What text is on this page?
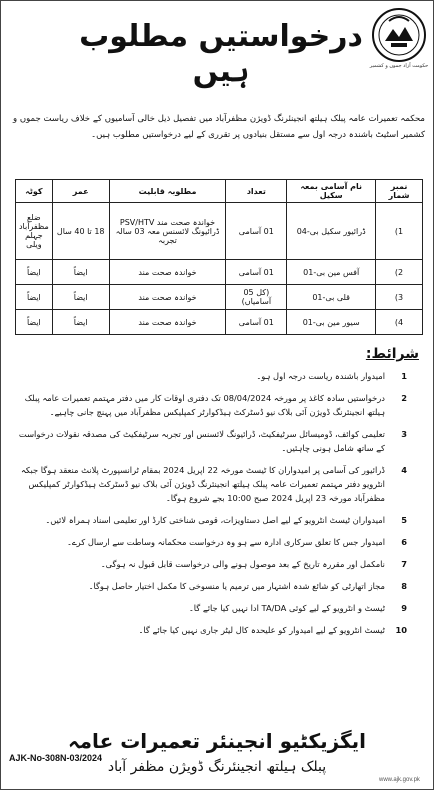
درخواستیں مطلوب ہیں	حکومت آزاد جموں و کشمیر
محکمہ تعمیرات عامہ پبلک ہیلتھ انجینئرنگ ڈویژن مظفرآباد میں تفصیل ذیل خالی آسامیوں کے خلاف ریاست جموں و کشمیر اسٹیٹ باشندہ درجہ اول سے مستقل بنیادوں پر تقرری کے لیے درخواستیں مطلوب ہیں۔
نمبر شمار	نام آسامی بمعہ سکیل	تعداد	مطلوبہ قابلیت	عمر	کوٹہ
1)	ڈرائیور سکیل بی-04	01 آسامی	خواندہ صحت مند PSV/HTV ڈرائیونگ لائسنس معہ 03 سالہ تجربہ	18 تا 40 سال	ضلع مظفرآباد جہلم ویلی
2)	آفس مین بی-01	01 آسامی	خواندہ صحت مند	ایضاً	ایضاً
3)	قلی بی-01	(کل 05 آسامیاں)	خواندہ صحت مند	ایضاً	ایضاً
4)	سیور مین بی-01	01 آسامی	خواندہ صحت مند	ایضاً	ایضاً
شرائط:
1
امیدوار باشندہ ریاست درجہ اول ہو۔
2
درخواستیں سادہ کاغذ پر مورخہ 08/04/2024 تک دفتری اوقات کار میں دفتر مہتمم تعمیرات عامہ پبلک ہیلتھ انجینئرنگ ڈویژن آئی بلاک نیو ڈسٹرکٹ ہیڈکوارٹر کمپلیکس مظفرآباد میں پہنچ جانی چاہیے۔
3
تعلیمی کوائف، ڈومیسائل سرٹیفکیٹ، ڈرائیونگ لائسنس اور تجربہ سرٹیفکیٹ کی مصدقہ نقولات درخواست کے ساتھ شامل ہونی چاہئیں۔
4
ڈرائیور کی آسامی پر امیدواران کا ٹیسٹ مورخہ 22 اپریل 2024 بمقام ٹرانسپورٹ پلانٹ منعقد ہوگا جبکہ انٹرویو دفتر مہتمم تعمیرات عامہ پبلک ہیلتھ انجینئرنگ ڈویژن آئی بلاک نیو ڈسٹرکٹ ہیڈکوارٹر کمپلیکس مظفرآباد مورخہ 23 اپریل 2024 صبح 10:00 بجے شروع ہوگا۔
5
امیدواران ٹیسٹ انٹرویو کے لیے اصل دستاویزات، قومی شناختی کارڈ اور تعلیمی اسناد ہمراہ لائیں۔
6
امیدوار جس کا تعلق سرکاری ادارہ سے ہو وہ درخواست محکمانہ وساطت سے ارسال کرے۔
7
نامکمل اور مقررہ تاریخ کے بعد موصول ہونے والی درخواست قابل قبول نہ ہوگی۔
8
مجاز اتھارٹی کو شائع شدہ اشتہار میں ترمیم یا منسوخی کا مکمل اختیار حاصل ہوگا۔
9
ٹیسٹ و انٹرویو کے لیے کوئی TA/DA ادا نہیں کیا جائے گا۔
10
ٹیسٹ انٹرویو کے لیے امیدوار کو علیحدہ کال لیٹر جاری نہیں کیا جائے گا۔
ایگزیکٹیو انجینئر تعمیرات عامہ
پبلک ہیلتھ انجینئرنگ ڈویژن مظفر آباد
AJK-No-308N-03/2024
www.ajk.gov.pk
